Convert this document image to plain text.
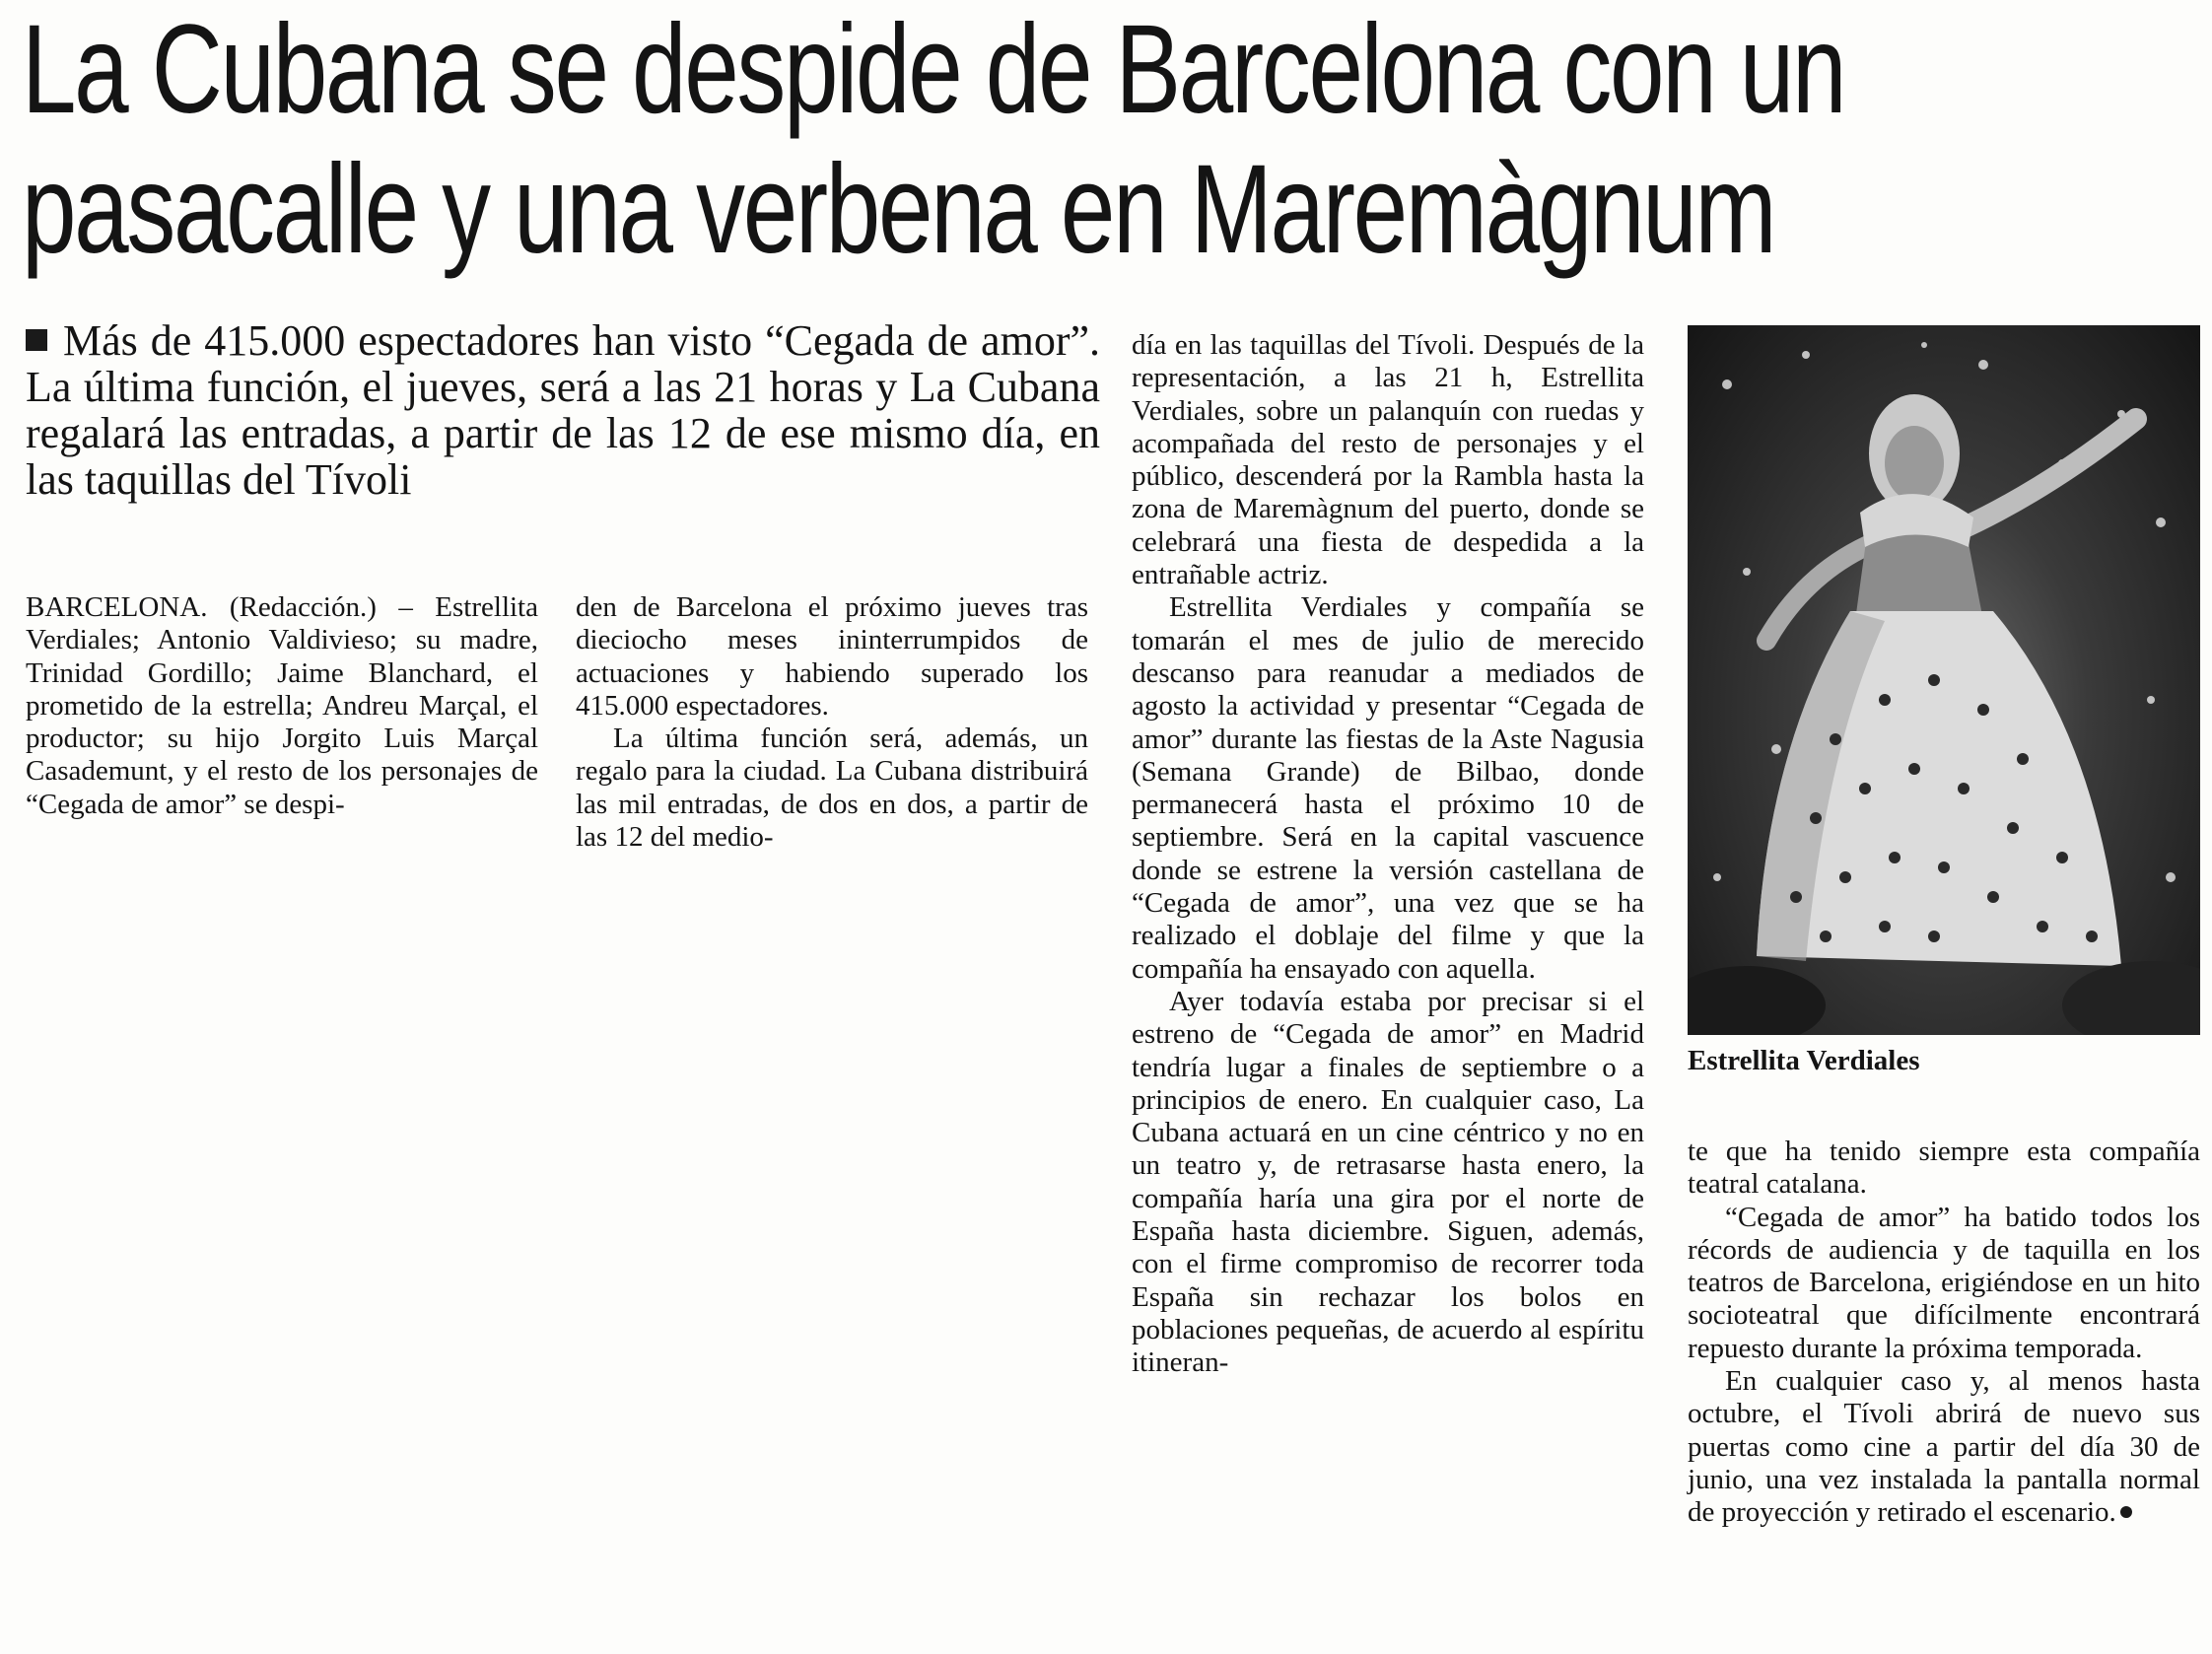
La Cubana se despide de Barcelona con un
pasacalle y una verbena en Maremàgnum
Más de 415.000 espectadores han visto “Cegada de amor”. La última función, el jueves, será a las 21 horas y La Cubana regalará las entradas, a partir de las 12 de ese mismo día, en las taquillas del Tívoli

BARCELONA. (Redacción.) – Estrellita Verdiales; Antonio Valdivieso; su madre, Trinidad Gordillo; Jaime Blanchard, el prometido de la estrella; Andreu Marçal, el productor; su hijo Jorgito Luis Marçal Casademunt, y el resto de los personajes de “Cegada de amor” se despi-

den de Barcelona el próximo jueves tras dieciocho meses ininterrumpidos de actuaciones y habiendo superado los 415.000 espectadores.

La última función será, además, un regalo para la ciudad. La Cubana distribuirá las mil entradas, de dos en dos, a partir de las 12 del medio-

día en las taquillas del Tívoli. Después de la representación, a las 21 h, Estrellita Verdiales, sobre un palanquín con ruedas y acompañada del resto de personajes y el público, descenderá por la Rambla hasta la zona de Maremàgnum del puerto, donde se celebrará una fiesta de despedida a la entrañable actriz.

Estrellita Verdiales y compañía se tomarán el mes de julio de merecido descanso para reanudar a mediados de agosto la actividad y presentar “Cegada de amor” durante las fiestas de la Aste Nagusia (Semana Grande) de Bilbao, donde permanecerá hasta el próximo 10 de septiembre. Será en la capital vascuence donde se estrene la versión castellana de “Cegada de amor”, una vez que se ha realizado el doblaje del filme y que la compañía ha ensayado con aquella.

Ayer todavía estaba por precisar si el estreno de “Cegada de amor” en Madrid tendría lugar a finales de septiembre o a principios de enero. En cualquier caso, La Cubana actuará en un cine céntrico y no en un teatro y, de retrasarse hasta enero, la compañía haría una gira por el norte de España hasta diciembre. Siguen, además, con el firme compromiso de recorrer toda España sin rechazar los bolos en poblaciones pequeñas, de acuerdo al espíritu itineran-

Estrellita Verdiales

te que ha tenido siempre esta compañía teatral catalana.

“Cegada de amor” ha batido todos los récords de audiencia y de taquilla en los teatros de Barcelona, erigiéndose en un hito socioteatral que difícilmente encontrará repuesto durante la próxima temporada.

En cualquier caso y, al menos hasta octubre, el Tívoli abrirá de nuevo sus puertas como cine a partir del día 30 de junio, una vez instalada la pantalla normal de proyección y retirado el escenario.
